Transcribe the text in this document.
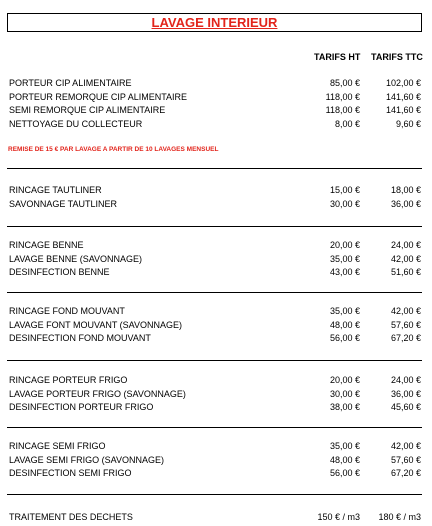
LAVAGE INTERIEUR
TARIFS HT TARIFS TTC
PORTEUR CIP ALIMENTAIRE	85,00 €	102,00 €
PORTEUR REMORQUE CIP ALIMENTAIRE	118,00 €	141,60 €
SEMI REMORQUE CIP ALIMENTAIRE	118,00 €	141,60 €
NETTOYAGE DU COLLECTEUR	8,00 €	9,60 €
RINCAGE TAUTLINER	15,00 €	18,00 €
SAVONNAGE TAUTLINER	30,00 €	36,00 €
RINCAGE BENNE	20,00 €	24,00 €
LAVAGE BENNE (SAVONNAGE)	35,00 €	42,00 €
DESINFECTION BENNE	43,00 €	51,60 €
RINCAGE FOND MOUVANT	35,00 €	42,00 €
LAVAGE FONT MOUVANT (SAVONNAGE)	48,00 €	57,60 €
DESINFECTION FOND MOUVANT	56,00 €	67,20 €
RINCAGE PORTEUR FRIGO	20,00 €	24,00 €
LAVAGE PORTEUR FRIGO (SAVONNAGE)	30,00 €	36,00 €
DESINFECTION PORTEUR FRIGO	38,00 €	45,60 €
RINCAGE SEMI FRIGO	35,00 €	42,00 €
LAVAGE SEMI FRIGO (SAVONNAGE)	48,00 €	57,60 €
DESINFECTION SEMI FRIGO	56,00 €	67,20 €
TRAITEMENT DES DECHETS	150 € / m3 180 € / m3
REMISE DE 15 € PAR LAVAGE A PARTIR DE 10 LAVAGES MENSUEL
